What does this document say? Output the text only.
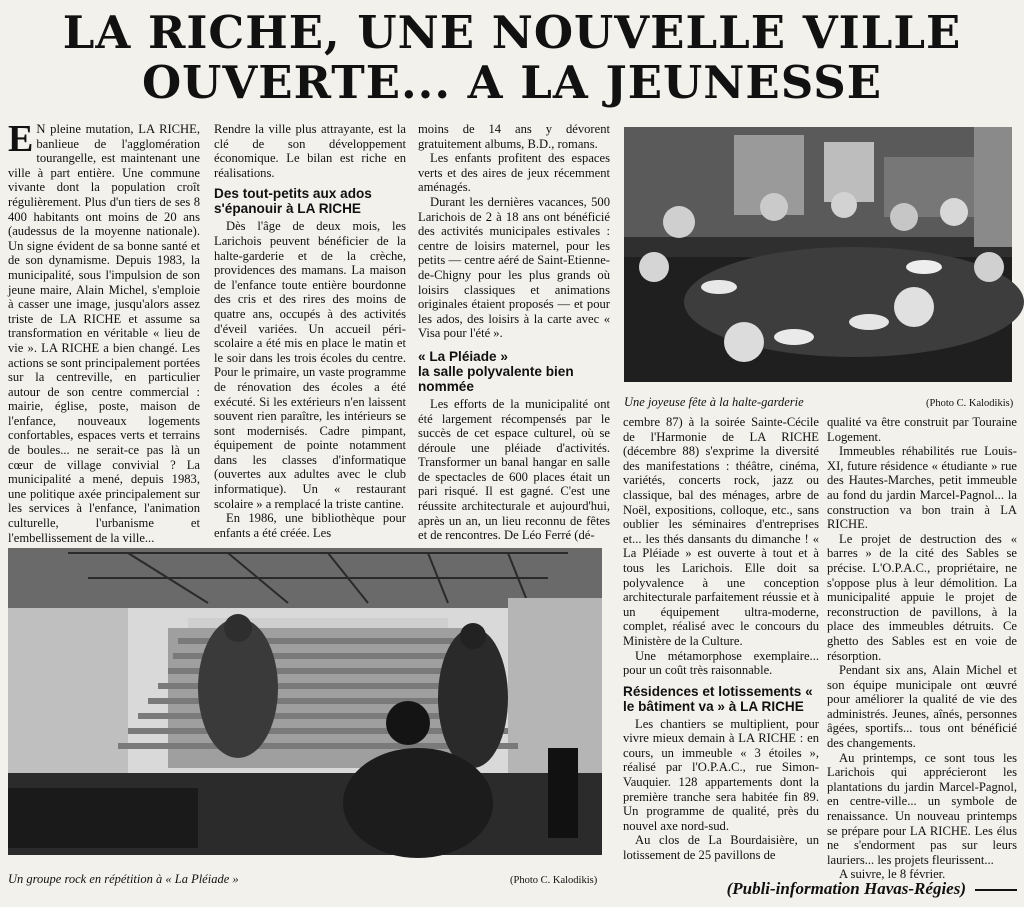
LA RICHE, UNE NOUVELLE VILLE
OUVERTE... A LA JEUNESSE

E N pleine mutation, LA RICHE, banlieue de l'agglomération tourangelle, est maintenant une ville à part entière. Une commune vivante dont la population croît régulièrement. Plus d'un tiers de ses 8 400 habitants ont moins de 20 ans (audessus de la moyenne nationale). Un signe évident de sa bonne santé et de son dynamisme. Depuis 1983, la municipalité, sous l'impulsion de son jeune maire, Alain Michel, s'emploie à casser une image, jusqu'alors assez triste de LA RICHE et assume sa transformation en véritable « lieu de vie ». LA RICHE a bien changé. Les actions se sont principalement portées sur la centreville, en particulier autour de son centre commercial : mairie, église, poste, maison de l'enfance, nouveaux logements confortables, espaces verts et terrains de boules... ne serait-ce pas là un cœur de village convivial ? La municipalité a mené, depuis 1983, une politique axée principalement sur les services à l'enfance, l'animation culturelle, l'urbanisme et l'embellissement de la ville...

Rendre la ville plus attrayante, est la clé de son développement économique. Le bilan est riche en réalisations.

Des tout-petits aux ados s'épanouir à LA RICHE

Dès l'âge de deux mois, les Larichois peuvent bénéficier de la halte-garderie et de la crèche, providences des mamans. La maison de l'enfance toute entière bourdonne des cris et des rires des moins de quatre ans, occupés à des activités d'éveil variées. Un accueil péri-scolaire a été mis en place le matin et le soir dans les trois écoles du centre. Pour le primaire, un vaste programme de rénovation des écoles a été exécuté. Si les extérieurs n'en laissent souvent rien paraître, les intérieurs se sont modernisés. Cadre pimpant, équipement de pointe notamment dans les classes d'informatique (ouvertes aux adultes avec le club informatique). Un « restaurant scolaire » a remplacé la triste cantine.

En 1986, une bibliothèque pour enfants a été créée. Les

moins de 14 ans y dévorent gratuitement albums, B.D., romans.

Les enfants profitent des espaces verts et des aires de jeux récemment aménagés.

Durant les dernières vacances, 500 Larichois de 2 à 18 ans ont bénéficié des activités municipales estivales : centre de loisirs maternel, pour les petits — centre aéré de Saint-Etienne-de-Chigny pour les plus grands où loisirs classiques et animations originales étaient proposés — et pour les ados, des loisirs à la carte avec « Visa pour l'été ».

« La Pléiade »
la salle polyvalente bien nommée

Les efforts de la municipalité ont été largement récompensés par le succès de cet espace culturel, où se déroule une pléiade d'activités. Transformer un banal hangar en salle de spectacles de 600 places était un pari risqué. Il est gagné. C'est une réussite architecturale et aujourd'hui, après un an, un lieu reconnu de fêtes et de rencontres. De Léo Ferré (dé-

Une joyeuse fête à la halte-garderie	(Photo C. Kalodikis)

cembre 87) à la soirée Sainte-Cécile de l'Harmonie de LA RICHE (décembre 88) s'exprime la diversité des manifestations : théâtre, cinéma, variétés, concerts rock, jazz ou classique, bal des ménages, arbre de Noël, expositions, colloque, etc., sans oublier les séminaires d'entreprises et... les thés dansants du dimanche ! « La Pléiade » est ouverte à tout et à tous les Larichois. Elle doit sa polyvalence à une conception architecturale parfaitement réussie et à un équipement ultra-moderne, complet, réalisé avec le concours du Ministère de la Culture.

Une métamorphose exemplaire... pour un coût très raisonnable.

Résidences et lotissements « le bâtiment va » à LA RICHE

Les chantiers se multiplient, pour vivre mieux demain à LA RICHE : en cours, un immeuble « 3 étoiles », réalisé par l'O.P.A.C., rue Simon-Vauquier. 128 appartements dont la première tranche sera habitée fin 89. Un programme de qualité, près du nouvel axe nord-sud.

Au clos de La Bourdaisière, un lotissement de 25 pavillons de

qualité va être construit par Touraine Logement.

Immeubles réhabilités rue Louis-XI, future résidence « étudiante » rue des Hautes-Marches, petit immeuble au fond du jardin Marcel-Pagnol... la construction va bon train à LA RICHE.

Le projet de destruction des « barres » de la cité des Sables se précise. L'O.P.A.C., propriétaire, ne s'oppose plus à leur démolition. La municipalité appuie le projet de reconstruction de pavillons, à la place des immeubles détruits. Ce ghetto des Sables est en voie de résorption.

Pendant six ans, Alain Michel et son équipe municipale ont œuvré pour améliorer la qualité de vie des administrés. Jeunes, aînés, personnes âgées, sportifs... tous ont bénéficié des changements.

Au printemps, ce sont tous les Larichois qui apprécieront les plantations du jardin Marcel-Pagnol, en centre-ville... un symbole de renaissance. Un nouveau printemps se prépare pour LA RICHE. Les élus ne s'endorment pas sur leurs lauriers... les projets fleurissent...

A suivre, le 8 février.

Un groupe rock en répétition à « La Pléiade »	(Photo C. Kalodikis)	(Publi-information Havas-Régies)
